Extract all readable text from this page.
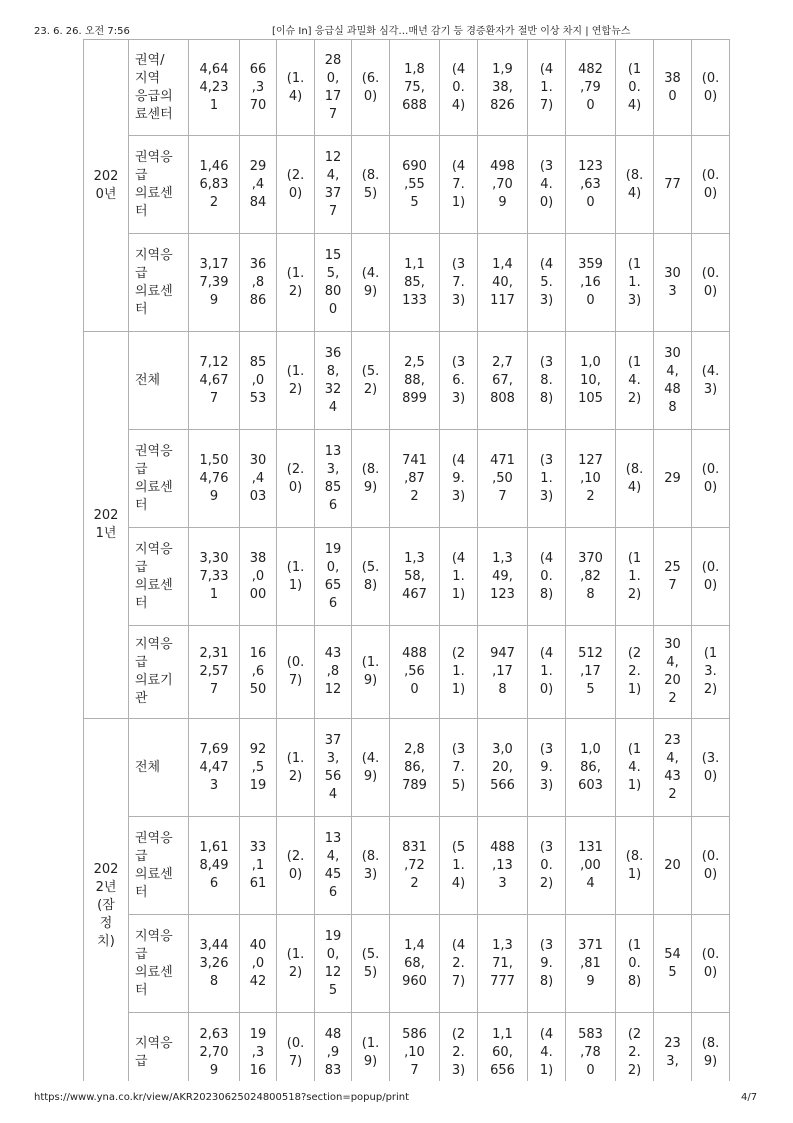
23. 6. 26. 오전 7:56	[이슈 In] 응급실 과밀화 심각…매년 감기 등 경증환자가 절반 이상 차지 | 연합뉴스
202
0년	권역/
지역
응급의
료센터	4,64
4,23
1	66
,3
70	(1.
4)	28
0,
17
7	(6.
0)	1,8
75,
688	(4
0.
4)	1,9
38,
826	(4
1.
7)	482
,79
0	(1
0.
4)	38
0	(0.
0)
	권역응
급
의료센
터	1,46
6,83
2	29
,4
84	(2.
0)	12
4,
37
7	(8.
5)	690
,55
5	(4
7.
1)	498
,70
9	(3
4.
0)	123
,63
0	(8.
4)	77	(0.
0)
	지역응
급
의료센
터	3,17
7,39
9	36
,8
86	(1.
2)	15
5,
80
0	(4.
9)	1,1
85,
133	(3
7.
3)	1,4
40,
117	(4
5.
3)	359
,16
0	(1
1.
3)	30
3	(0.
0)
202
1년	전체	7,12
4,67
7	85
,0
53	(1.
2)	36
8,
32
4	(5.
2)	2,5
88,
899	(3
6.
3)	2,7
67,
808	(3
8.
8)	1,0
10,
105	(1
4.
2)	30
4,
48
8	(4.
3)
	권역응
급
의료센
터	1,50
4,76
9	30
,4
03	(2.
0)	13
3,
85
6	(8.
9)	741
,87
2	(4
9.
3)	471
,50
7	(3
1.
3)	127
,10
2	(8.
4)	29	(0.
0)
	지역응
급
의료센
터	3,30
7,33
1	38
,0
00	(1.
1)	19
0,
65
6	(5.
8)	1,3
58,
467	(4
1.
1)	1,3
49,
123	(4
0.
8)	370
,82
8	(1
1.
2)	25
7	(0.
0)
	지역응
급
의료기
관	2,31
2,57
7	16
,6
50	(0.
7)	43
,8
12	(1.
9)	488
,56
0	(2
1.
1)	947
,17
8	(4
1.
0)	512
,17
5	(2
2.
1)	30
4,
20
2	(1
3.
2)
202
2년
(잠
정
치)	전체	7,69
4,47
3	92
,5
19	(1.
2)	37
3,
56
4	(4.
9)	2,8
86,
789	(3
7.
5)	3,0
20,
566	(3
9.
3)	1,0
86,
603	(1
4.
1)	23
4,
43
2	(3.
0)
	권역응
급
의료센
터	1,61
8,49
6	33
,1
61	(2.
0)	13
4,
45
6	(8.
3)	831
,72
2	(5
1.
4)	488
,13
3	(3
0.
2)	131
,00
4	(8.
1)	20	(0.
0)
	지역응
급
의료센
터	3,44
3,26
8	40
,0
42	(1.
2)	19
0,
12
5	(5.
5)	1,4
68,
960	(4
2.
7)	1,3
71,
777	(3
9.
8)	371
,81
9	(1
0.
8)	54
5	(0.
0)
	지역응
급	2,63
2,70
9	19
,3
16	(0.
7)	48
,9
83	(1.
9)	586
,10
7	(2
2.
3)	1,1
60,
656	(4
4.
1)	583
,78
0	(2
2.
2)	23
3,	(8.
9)
https://www.yna.co.kr/view/AKR20230625024800518?section=popup/print	4/7
